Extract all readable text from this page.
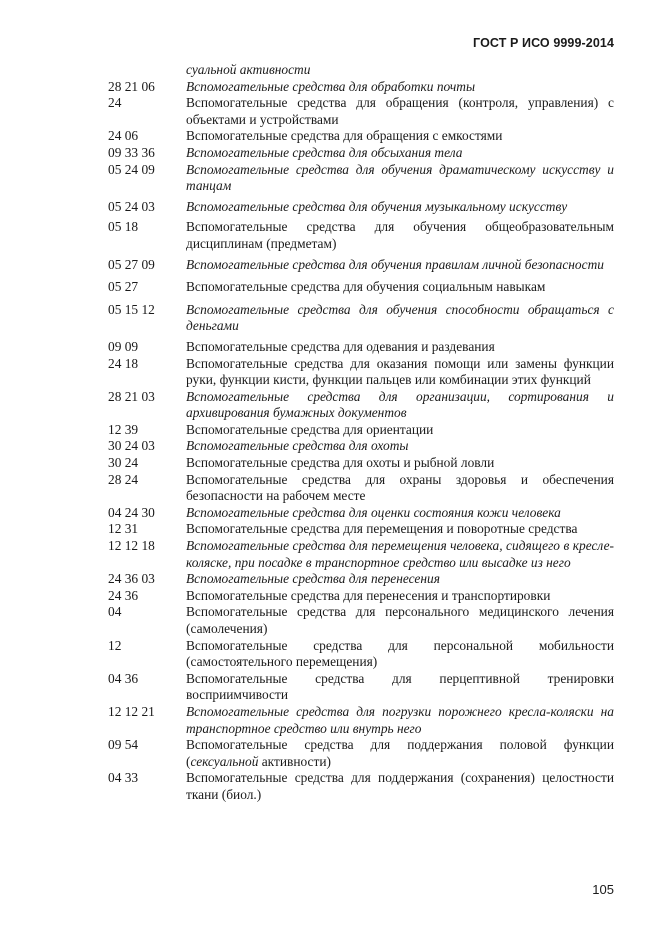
ГОСТ Р ИСО 9999-2014
суальной активности
28 21 06	Вспомогательные средства для обработки почты
24	Вспомогательные средства для обращения (контроля, управления) с объектами и устройствами
24 06	Вспомогательные средства для обращения с емкостями
09 33 36	Вспомогательные средства для обсыхания тела
05 24 09	Вспомогательные средства для обучения драматическому искусству и танцам
05 24 03	Вспомогательные средства для обучения музыкальному искусству
05 18	Вспомогательные средства для обучения общеобразовательным дисциплинам (предметам)
05 27 09	Вспомогательные средства для обучения правилам личной безопасности
05 27	Вспомогательные средства для обучения социальным навыкам
05 15 12	Вспомогательные средства для обучения способности обращаться с деньгами
09 09	Вспомогательные средства для одевания и раздевания
24 18	Вспомогательные средства для оказания помощи или замены функции руки, функции кисти, функции пальцев или комбинации этих функций
28 21 03	Вспомогательные средства для организации, сортирования и архивирования бумажных документов
12 39	Вспомогательные средства для ориентации
30 24 03	Вспомогательные средства для охоты
30 24	Вспомогательные средства для охоты и рыбной ловли
28 24	Вспомогательные средства для охраны здоровья и обеспечения безопасности на рабочем месте
04 24 30	Вспомогательные средства для оценки состояния кожи человека
12 31	Вспомогательные средства для перемещения и поворотные средства
12 12 18	Вспомогательные средства для перемещения человека, сидящего в кресле-коляске, при посадке в транспортное средство или высадке из него
24 36 03	Вспомогательные средства для перенесения
24 36	Вспомогательные средства для перенесения и транспортировки
04	Вспомогательные средства для персонального медицинского лечения (самолечения)
12	Вспомогательные средства для персональной мобильности (самостоятельного перемещения)
04 36	Вспомогательные средства для перцептивной тренировки восприимчивости
12 12 21	Вспомогательные средства для погрузки порожнего кресла-коляски на транспортное средство или внутрь него
09 54	Вспомогательные средства для поддержания половой функции (сексуальной активности)
04 33	Вспомогательные средства для поддержания (сохранения) целостности ткани (биол.)
105
